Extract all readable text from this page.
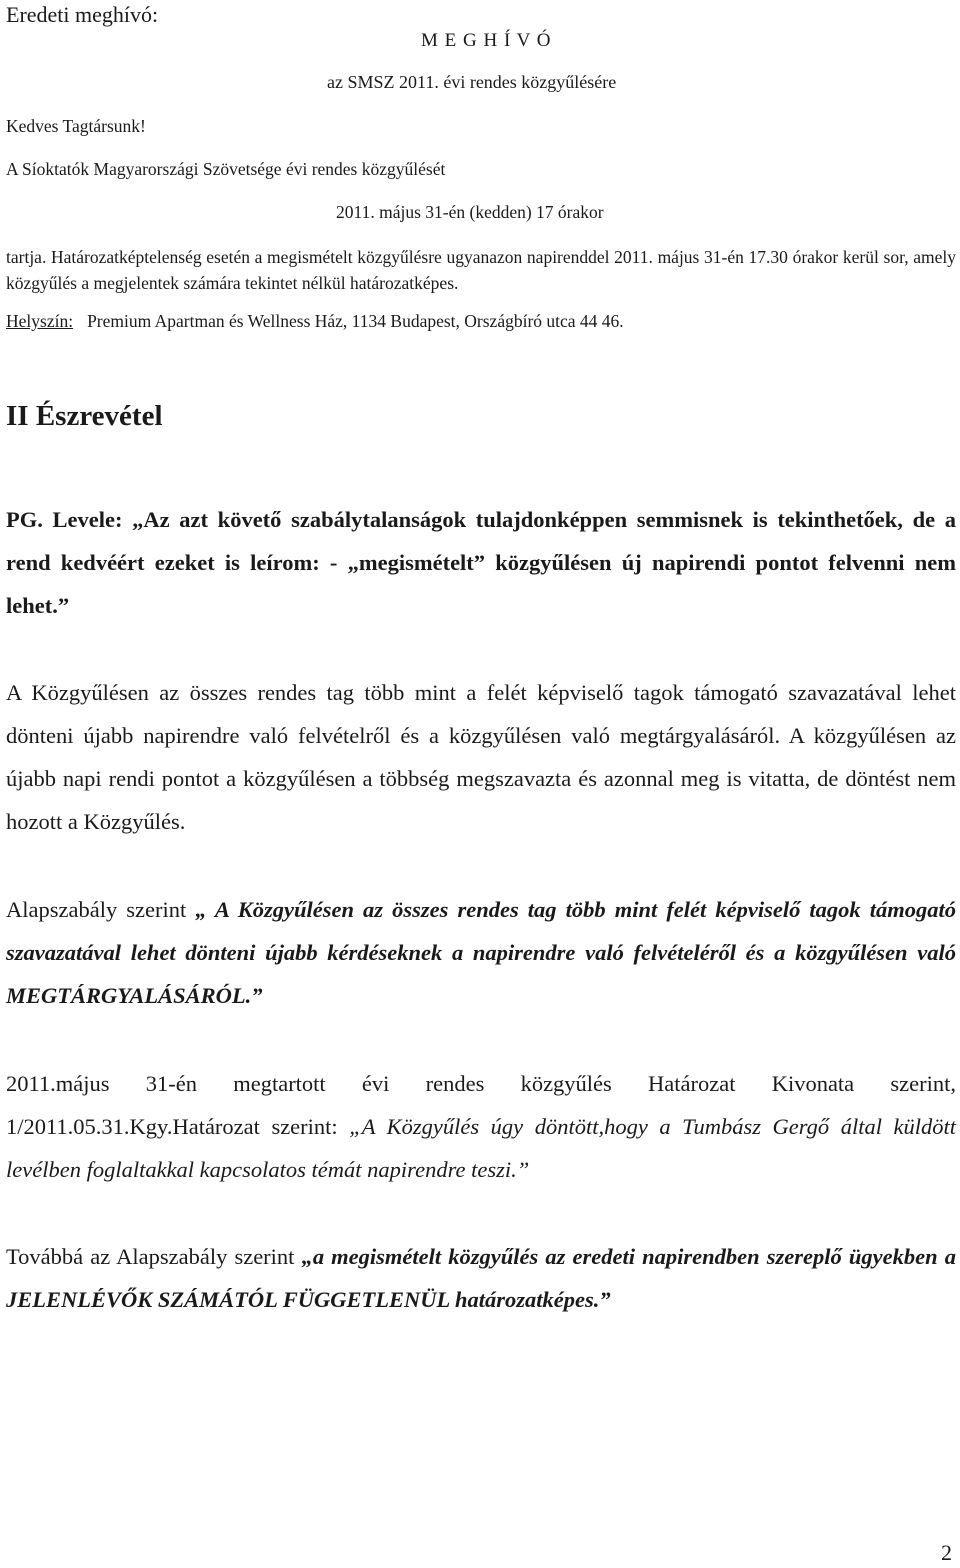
Eredeti meghívó:
M E G H Í V Ó
az SMSZ 2011. évi rendes közgyűlésére
Kedves Tagtársunk!
A Síoktatók Magyarországi Szövetsége évi rendes közgyűlését
2011. május 31-én (kedden) 17 órakor
tartja. Határozatképtelenség esetén a megismételt közgyűlésre ugyanazon napirenddel 2011. május 31-én 17.30 órakor kerül sor, amely közgyűlés a megjelentek számára tekintet nélkül határozatképes.
Helyszín: Premium Apartman és Wellness Ház, 1134 Budapest, Országbíró utca 44 46.
II Észrevétel
PG. Levele: „Az azt követő szabálytalanságok tulajdonképpen semmisnek is tekinthetőek, de a rend kedvéért ezeket is leírom: - „megismételt” közgyűlésen új napirendi pontot felvenni nem lehet.”
A Közgyűlésen az összes rendes tag több mint a felét képviselő tagok támogató szavazatával lehet dönteni újabb napirendre való felvételről és a közgyűlésen való megtárgyalásáról. A közgyűlésen az újabb napi rendi pontot a közgyűlésen a többség megszavazta és azonnal meg is vitatta, de döntést nem hozott a Közgyűlés.
Alapszabály szerint „ A Közgyűlésen az összes rendes tag több mint felét képviselő tagok támogató szavazatával lehet dönteni újabb kérdéseknek a napirendre való felvételéről és a közgyűlésen való MEGTÁRGYALÁSÁRÓL.”
2011.május 31-én megtartott évi rendes közgyűlés Határozat Kivonata szerint, 1/2011.05.31.Kgy.Határozat szerint: „A Közgyűlés úgy döntött,hogy a Tumbász Gergő által küldött levélben foglaltakkal kapcsolatos témát napirendre teszi.”
Továbbá az Alapszabály szerint „a megismételt közgyűlés az eredeti napirendben szereplő ügyekben a JELENLÉVŐK SZÁMÁTÓL FÜGGETLENÜL határozatképes.”
2
